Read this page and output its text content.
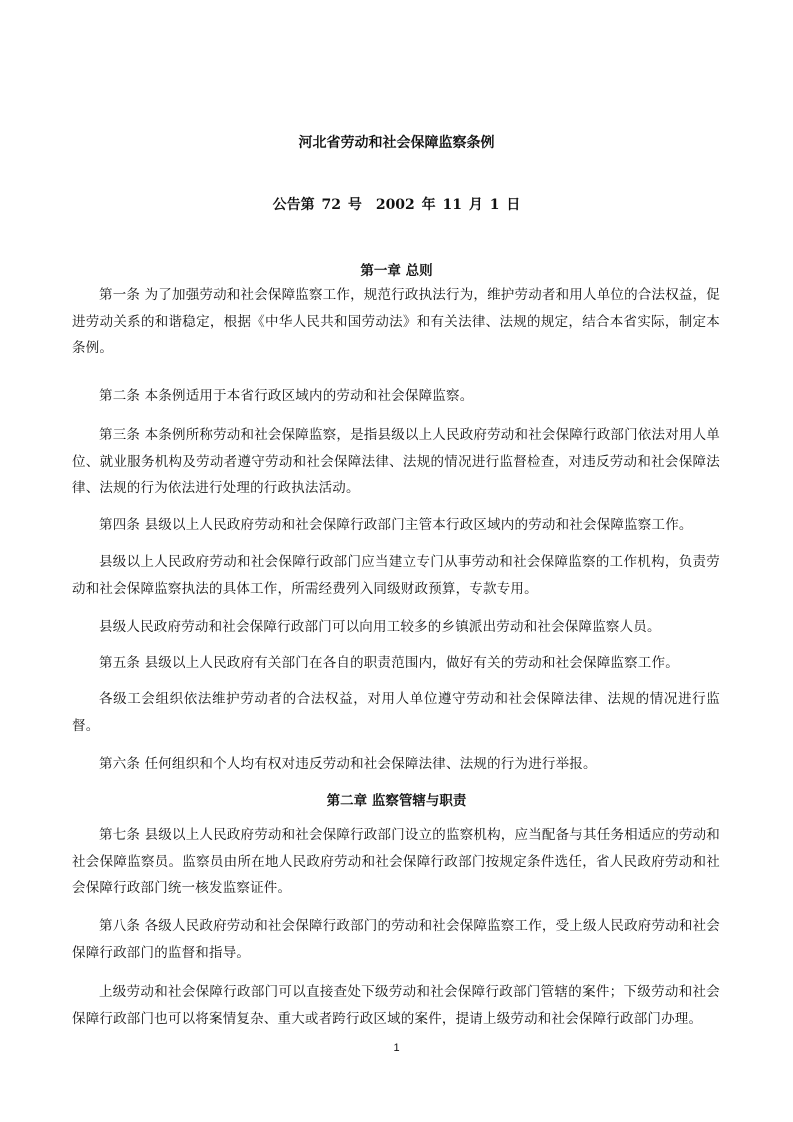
河北省劳动和社会保障监察条例
公告第 72 号　2002 年 11 月 1 日
第一章 总则

第一条 为了加强劳动和社会保障监察工作，规范行政执法行为，维护劳动者和用人单位的合法权益，促进劳动关系的和谐稳定，根据《中华人民共和国劳动法》和有关法律、法规的规定，结合本省实际，制定本条例。

第二条 本条例适用于本省行政区域内的劳动和社会保障监察。

第三条 本条例所称劳动和社会保障监察，是指县级以上人民政府劳动和社会保障行政部门依法对用人单位、就业服务机构及劳动者遵守劳动和社会保障法律、法规的情况进行监督检查，对违反劳动和社会保障法律、法规的行为依法进行处理的行政执法活动。

第四条 县级以上人民政府劳动和社会保障行政部门主管本行政区域内的劳动和社会保障监察工作。

县级以上人民政府劳动和社会保障行政部门应当建立专门从事劳动和社会保障监察的工作机构，负责劳动和社会保障监察执法的具体工作，所需经费列入同级财政预算，专款专用。

县级人民政府劳动和社会保障行政部门可以向用工较多的乡镇派出劳动和社会保障监察人员。

第五条 县级以上人民政府有关部门在各自的职责范围内，做好有关的劳动和社会保障监察工作。

各级工会组织依法维护劳动者的合法权益，对用人单位遵守劳动和社会保障法律、法规的情况进行监督。

第六条 任何组织和个人均有权对违反劳动和社会保障法律、法规的行为进行举报。

第二章 监察管辖与职责

第七条 县级以上人民政府劳动和社会保障行政部门设立的监察机构，应当配备与其任务相适应的劳动和社会保障监察员。监察员由所在地人民政府劳动和社会保障行政部门按规定条件选任，省人民政府劳动和社会保障行政部门统一核发监察证件。

第八条 各级人民政府劳动和社会保障行政部门的劳动和社会保障监察工作，受上级人民政府劳动和社会保障行政部门的监督和指导。

上级劳动和社会保障行政部门可以直接查处下级劳动和社会保障行政部门管辖的案件；下级劳动和社会保障行政部门也可以将案情复杂、重大或者跨行政区域的案件，提请上级劳动和社会保障行政部门办理。

1
